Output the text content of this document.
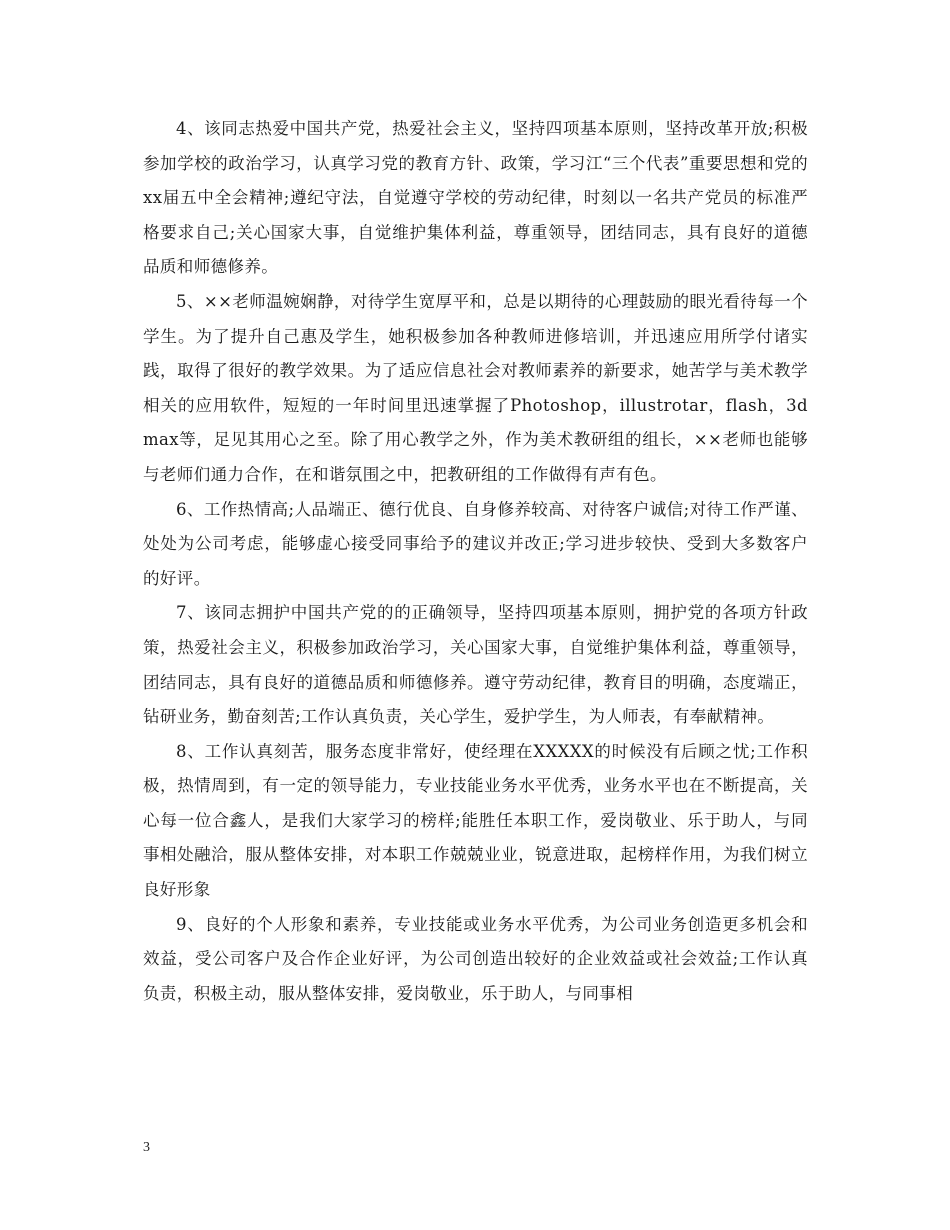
4、该同志热爱中国共产党，热爱社会主义，坚持四项基本原则，坚持改革开放;积极参加学校的政治学习，认真学习党的教育方针、政策，学习江“三个代表”重要思想和党的xx届五中全会精神;遵纪守法，自觉遵守学校的劳动纪律，时刻以一名共产党员的标准严格要求自己;关心国家大事，自觉维护集体利益，尊重领导，团结同志，具有良好的道德品质和师德修养。

5、××老师温婉娴静，对待学生宽厚平和，总是以期待的心理鼓励的眼光看待每一个学生。为了提升自己惠及学生，她积极参加各种教师进修培训，并迅速应用所学付诸实践，取得了很好的教学效果。为了适应信息社会对教师素养的新要求，她苦学与美术教学相关的应用软件，短短的一年时间里迅速掌握了Photoshop，illustrotar，flash，3dmax等，足见其用心之至。除了用心教学之外，作为美术教研组的组长，××老师也能够与老师们通力合作，在和谐氛围之中，把教研组的工作做得有声有色。

6、工作热情高;人品端正、德行优良、自身修养较高、对待客户诚信;对待工作严谨、处处为公司考虑，能够虚心接受同事给予的建议并改正;学习进步较快、受到大多数客户的好评。

7、该同志拥护中国共产党的的正确领导，坚持四项基本原则，拥护党的各项方针政策，热爱社会主义，积极参加政治学习，关心国家大事，自觉维护集体利益，尊重领导，团结同志，具有良好的道德品质和师德修养。遵守劳动纪律，教育目的明确，态度端正，钻研业务，勤奋刻苦;工作认真负责，关心学生，爱护学生，为人师表，有奉献精神。

8、工作认真刻苦，服务态度非常好，使经理在XXXXX的时候没有后顾之忧;工作积极，热情周到，有一定的领导能力，专业技能业务水平优秀，业务水平也在不断提高，关心每一位合鑫人，是我们大家学习的榜样;能胜任本职工作，爱岗敬业、乐于助人，与同事相处融洽，服从整体安排，对本职工作兢兢业业，锐意进取，起榜样作用，为我们树立良好形象

9、良好的个人形象和素养，专业技能或业务水平优秀，为公司业务创造更多机会和效益，受公司客户及合作企业好评，为公司创造出较好的企业效益或社会效益;工作认真负责，积极主动，服从整体安排，爱岗敬业，乐于助人，与同事相

3
